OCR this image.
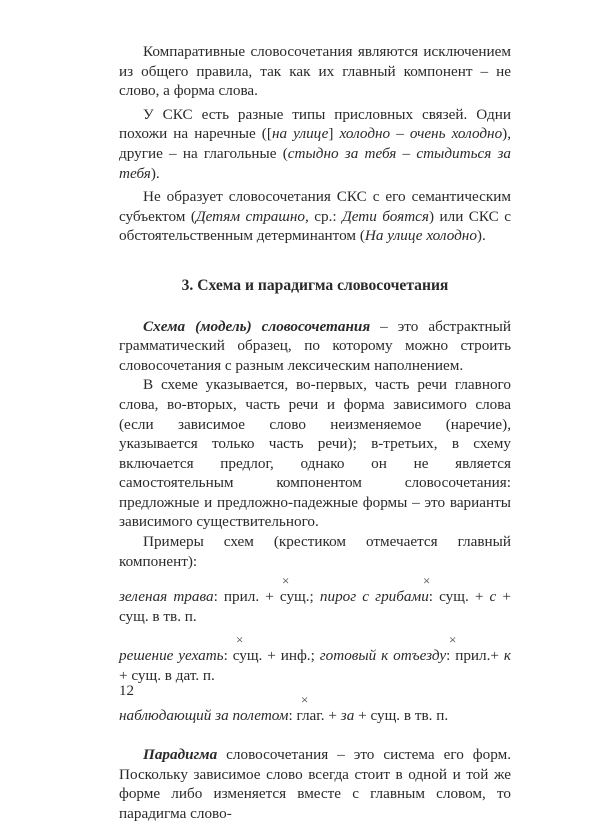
Компаративные словосочетания являются исключением из общего правила, так как их главный компонент – не слово, а форма слова.

У СКС есть разные типы присловных связей. Одни похожи на наречные ([на улице] холодно – очень холодно), другие – на глагольные (стыдно за тебя – стыдиться за тебя).

Не образует словосочетания СКС с его семантическим субъектом (Детям страшно, ср.: Дети боятся) или СКС с обстоятельственным детерминантом (На улице холодно).

3. Схема и парадигма словосочетания

Схема (модель) словосочетания – это абстрактный грамматический образец, по которому можно строить словосочетания с разным лексическим наполнением.

В схеме указывается, во-первых, часть речи главного слова, во-вторых, часть речи и форма зависимого слова (если зависимое слово неизменяемое (наречие), указывается только часть речи); в-третьих, в схему включается предлог, однако он не является самостоятельным компонентом словосочетания: предложные и предложно-падежные формы – это варианты зависимого существительного.

Примеры схем (крестиком отмечается главный компонент):

×	×

зеленая трава: прил. + сущ.; пирог с грибами: сущ. + с + сущ. в тв. п.

×	×

решение уехать: сущ. + инф.; готовый к отъезду: прил.+ к + сущ. в дат. п.

×

наблюдающий за полетом: глаг. + за + сущ. в тв. п.

Парадигма словосочетания – это система его форм. Поскольку зависимое слово всегда стоит в одной и той же форме либо изменяется вместе с главным словом, то парадигма слово-

12
